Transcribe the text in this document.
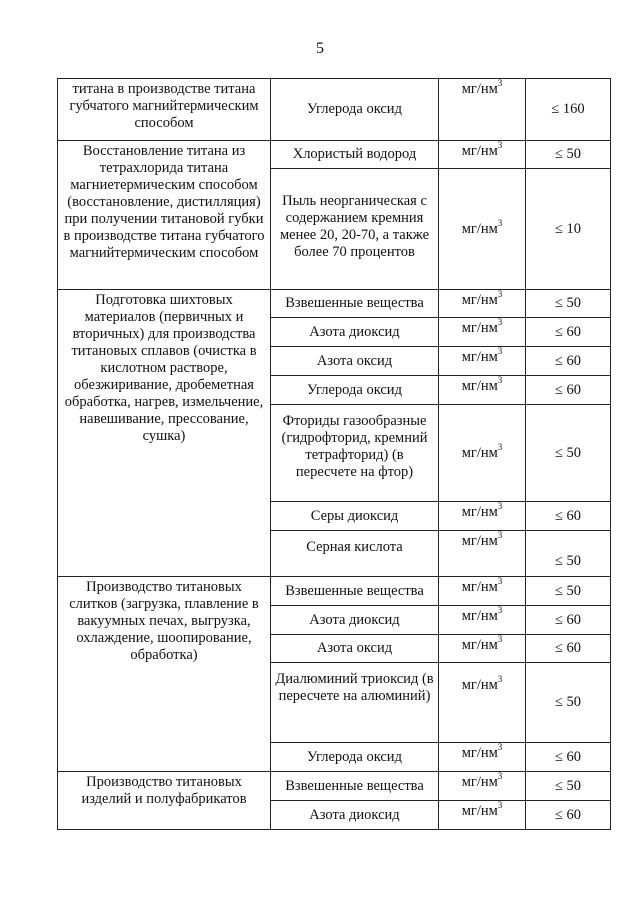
5
титана в производстве титана губчатого магнийтермическим способом	Углерода оксид	$мг/нм^3$	≤ 160
Восстановление титана из тетрахлорида титана магниетермическим способом (восстановление, дистилляция) при получении титановой губки в производстве титана губчатого магнийтермическим способом	Хлористый водород	$мг/нм^3$	≤ 50
	Пыль неорганическая с содержанием кремния менее 20, 20-70, а также более 70 процентов	$мг/нм^3$	≤ 10
Подготовка шихтовых материалов (первичных и вторичных) для производства титановых сплавов (очистка в кислотном растворе, обезжиривание, дробеметная обработка, нагрев, измельчение, навешивание, прессование, сушка)	Взвешенные вещества	$мг/нм^3$	≤ 50
	Азота диоксид	$мг/нм^3$	≤ 60
	Азота оксид	$мг/нм^3$	≤ 60
	Углерода оксид	$мг/нм^3$	≤ 60
	Фториды газообразные (гидрофторид, кремний тетрафторид) (в пересчете на фтор)	$мг/нм^3$	≤ 50
	Серы диоксид	$мг/нм^3$	≤ 60
	Серная кислота	$мг/нм^3$	≤ 50
Производство титановых слитков (загрузка, плавление в вакуумных печах, выгрузка, охлаждение, шоопирование, обработка)	Взвешенные вещества	$мг/нм^3$	≤ 50
	Азота диоксид	$мг/нм^3$	≤ 60
	Азота оксид	$мг/нм^3$	≤ 60
	Диалюминий триоксид (в пересчете на алюминий)	$мг/нм^3$	≤ 50
	Углерода оксид	$мг/нм^3$	≤ 60
Производство титановых изделий и полуфабрикатов	Взвешенные вещества	$мг/нм^3$	≤ 50
	Азота диоксид	$мг/нм^3$	≤ 60
